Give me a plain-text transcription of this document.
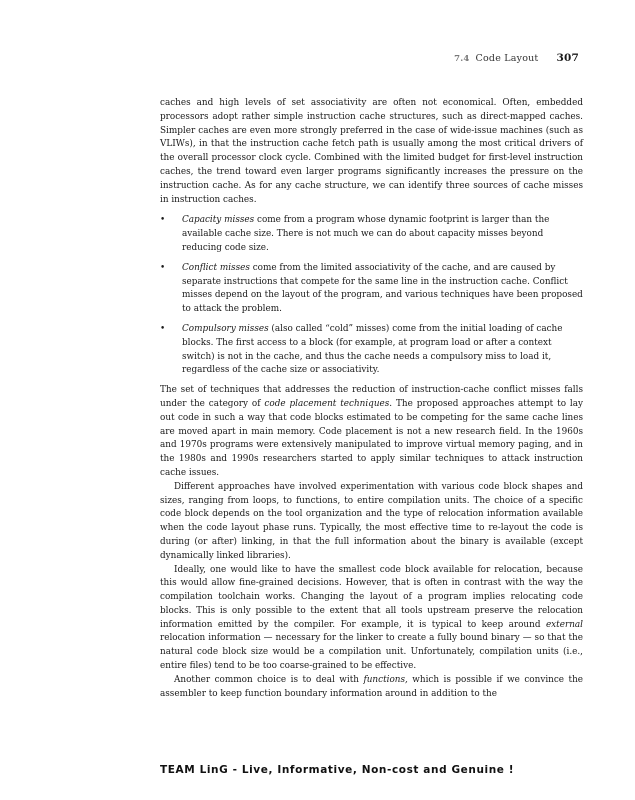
7.4 Code Layout 307

caches and high levels of set associativity are often not economical. Often, embedded processors adopt rather simple instruction cache structures, such as direct-mapped caches. Simpler caches are even more strongly preferred in the case of wide-issue machines (such as VLIWs), in that the instruction cache fetch path is usually among the most critical drivers of the overall processor clock cycle. Combined with the limited budget for first-level instruction caches, the trend toward even larger programs significantly increases the pressure on the instruction cache. As for any cache structure, we can identify three sources of cache misses in instruction caches.

• Capacity misses come from a program whose dynamic footprint is larger than the available cache size. There is not much we can do about capacity misses beyond reducing code size.
• Conflict misses come from the limited associativity of the cache, and are caused by separate instructions that compete for the same line in the instruction cache. Conflict misses depend on the layout of the program, and various techniques have been proposed to attack the problem.
• Compulsory misses (also called “cold” misses) come from the initial loading of cache blocks. The first access to a block (for example, at program load or after a context switch) is not in the cache, and thus the cache needs a compulsory miss to load it, regardless of the cache size or associativity.

The set of techniques that addresses the reduction of instruction-cache conflict misses falls under the category of code placement techniques. The proposed approaches attempt to lay out code in such a way that code blocks estimated to be competing for the same cache lines are moved apart in main memory. Code placement is not a new research field. In the 1960s and 1970s programs were extensively manipulated to improve virtual memory paging, and in the 1980s and 1990s researchers started to apply similar techniques to attack instruction cache issues.

Different approaches have involved experimentation with various code block shapes and sizes, ranging from loops, to functions, to entire compilation units. The choice of a specific code block depends on the tool organization and the type of relocation information available when the code layout phase runs. Typically, the most effective time to re-layout the code is during (or after) linking, in that the full information about the binary is available (except dynamically linked libraries).

Ideally, one would like to have the smallest code block available for relocation, because this would allow fine-grained decisions. However, that is often in contrast with the way the compilation toolchain works. Changing the layout of a program implies relocating code blocks. This is only possible to the extent that all tools upstream preserve the relocation information emitted by the compiler. For example, it is typical to keep around external relocation information — necessary for the linker to create a fully bound binary — so that the natural code block size would be a compilation unit. Unfortunately, compilation units (i.e., entire files) tend to be too coarse-grained to be effective.

Another common choice is to deal with functions, which is possible if we convince the assembler to keep function boundary information around in addition to the

TEAM LinG - Live, Informative, Non-cost and Genuine !
